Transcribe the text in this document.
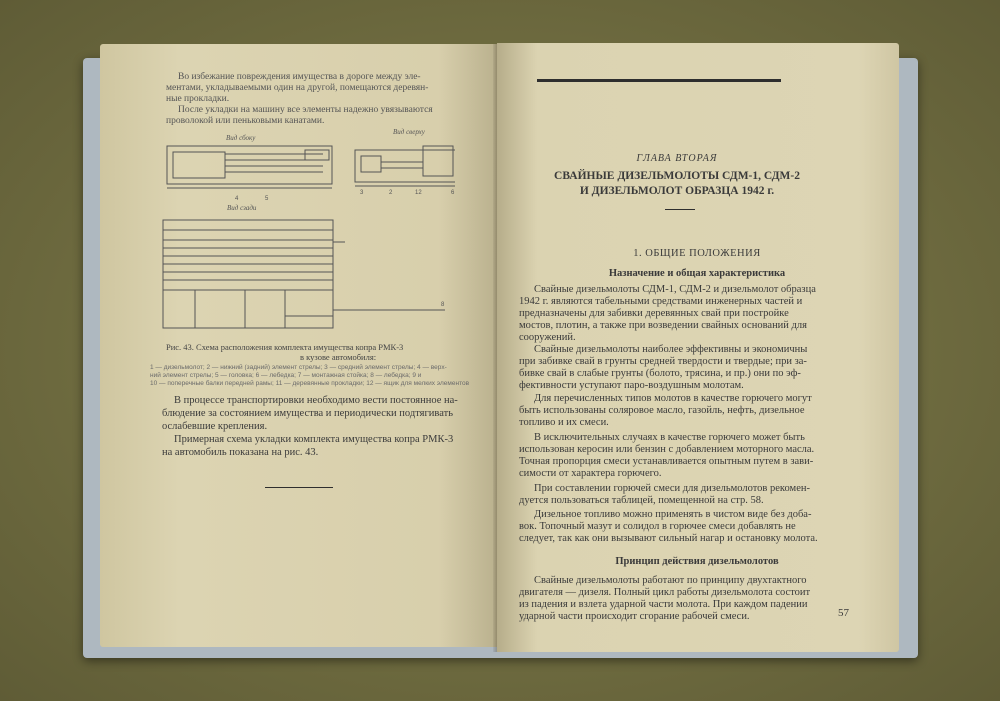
Во избежание повреждения имущества в дороге между эле-
ментами, укладываемыми один на другой, помещаются деревян-
ные прокладки.
После укладки на машину все элементы надежно увязываются
проволокой или пеньковыми канатами.
Вид сбоку
Вид сверху
Вид сзади
4	5
3	2	12	6
8
Рис. 43. Схема расположения комплекта имущества копра РМК-3
в кузове автомобиля:
1 — дизельмолот; 2 — нижний (задний) элемент стрелы; 3 — средний элемент стрелы; 4 — верх-
ний элемент стрелы; 5 — головка; 6 — лебедка; 7 — монтажная стойка; 8 — лебедка; 9 и
10 — поперечные балки передней рамы; 11 — деревянные прокладки; 12 — ящик для мелких элементов
В процессе транспортировки необходимо вести постоянное на-
блюдение за состоянием имущества и периодически подтягивать
ослабевшие крепления.
Примерная схема укладки комплекта имущества копра РМК-3
на автомобиль показана на рис. 43.
ГЛАВА ВТОРАЯ
СВАЙНЫЕ ДИЗЕЛЬМОЛОТЫ СДМ-1, СДМ-2
И ДИЗЕЛЬМОЛОТ ОБРАЗЦА 1942 г.
1. ОБЩИЕ ПОЛОЖЕНИЯ
Назначение и общая характеристика
Свайные дизельмолоты СДМ-1, СДМ-2 и дизельмолот образца
1942 г. являются табельными средствами инженерных частей и
предназначены для забивки деревянных свай при постройке
мостов, плотин, а также при возведении свайных оснований для
сооружений.
Свайные дизельмолоты наиболее эффективны и экономичны
при забивке свай в грунты средней твердости и твердые; при за-
бивке свай в слабые грунты (болото, трясина, и пр.) они по эф-
фективности уступают паро-воздушным молотам.
Для перечисленных типов молотов в качестве горючего могут
быть использованы соляровое масло, газойль, нефть, дизельное
топливо и их смеси.
В исключительных случаях в качестве горючего может быть
использован керосин или бензин с добавлением моторного масла.
Точная пропорция смеси устанавливается опытным путем в зави-
симости от характера горючего.
При составлении горючей смеси для дизельмолотов рекомен-
дуется пользоваться таблицей, помещенной на стр. 58.
Дизельное топливо можно применять в чистом виде без доба-
вок. Топочный мазут и солидол в горючее смеси добавлять не
следует, так как они вызывают сильный нагар и остановку молота.
Принцип действия дизельмолотов
Свайные дизельмолоты работают по принципу двухтактного
двигателя — дизеля. Полный цикл работы дизельмолота состоит
из падения и взлета ударной части молота. При каждом падении
ударной части происходит сгорание рабочей смеси.	57
